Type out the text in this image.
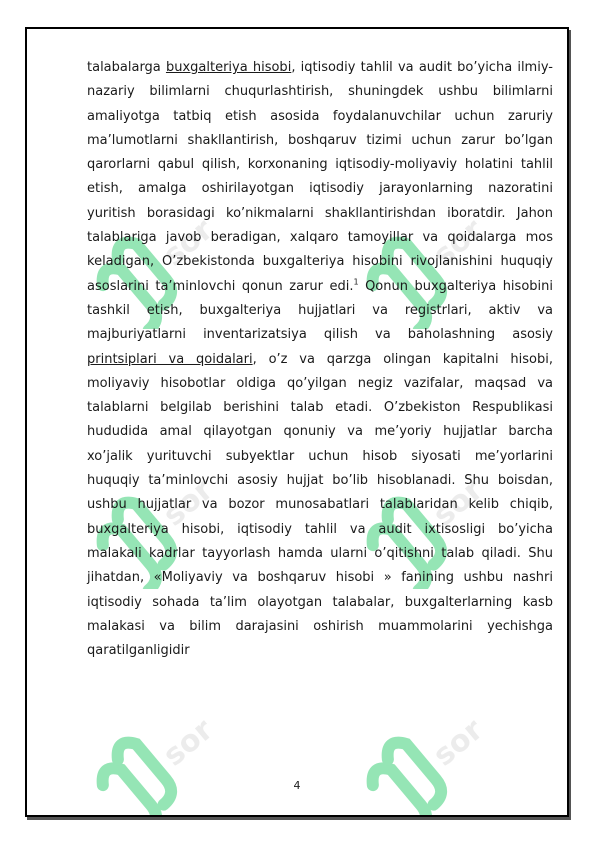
sor	sor
sor	sor
sor	sor

talabalarga buxgalteriya hisobi, iqtisodiy tahlil va audit bo’yicha ilmiy-nazariy bilimlarni chuqurlashtirish, shuningdek ushbu bilimlarni amaliyotga tatbiq etish asosida foydalanuvchilar uchun zaruriy ma’lumotlarni shakllantirish, boshqaruv tizimi uchun zarur bo’lgan qarorlarni qabul qilish, korxonaning iqtisodiy-moliyaviy holatini tahlil etish, amalga oshirilayotgan iqtisodiy jarayonlarning nazoratini yuritish borasidagi ko’nikmalarni shakllantirishdan iboratdir. Jahon talablariga javob beradigan, xalqaro tamoyillar va qoidalarga mos keladigan, O’zbekistonda buxgalteriya hisobini rivojlanishini huquqiy asoslarini ta’minlovchi qonun zarur edi.$^1$ Qonun buxgalteriya hisobini tashkil etish, buxgalteriya hujjatlari va registrlari, aktiv va majburiyatlarni inventarizatsiya qilish va baholashning asosiy printsiplari va qoidalari, o’z va qarzga olingan kapitalni hisobi, moliyaviy hisobotlar oldiga qo’yilgan negiz vazifalar, maqsad va talablarni belgilab berishini talab etadi. O’zbekiston Respublikasi hududida amal qilayotgan qonuniy va me’yoriy hujjatlar barcha xo’jalik yurituvchi subyektlar uchun hisob siyosati me’yorlarini huquqiy ta’minlovchi asosiy hujjat bo’lib hisoblanadi. Shu boisdan, ushbu hujjatlar va bozor munosabatlari talablaridan kelib chiqib, buxgalteriya hisobi, iqtisodiy tahlil va audit ixtisosligi bo’yicha malakali kadrlar tayyorlash hamda ularni o’qitishni talab qiladi. Shu jihatdan, «Moliyaviy va boshqaruv hisobi » fanining ushbu nashri iqtisodiy sohada ta’lim olayotgan talabalar, buxgalterlarning kasb malakasi va bilim darajasini oshirish muammolarini yechishga qaratilganligidir

4
